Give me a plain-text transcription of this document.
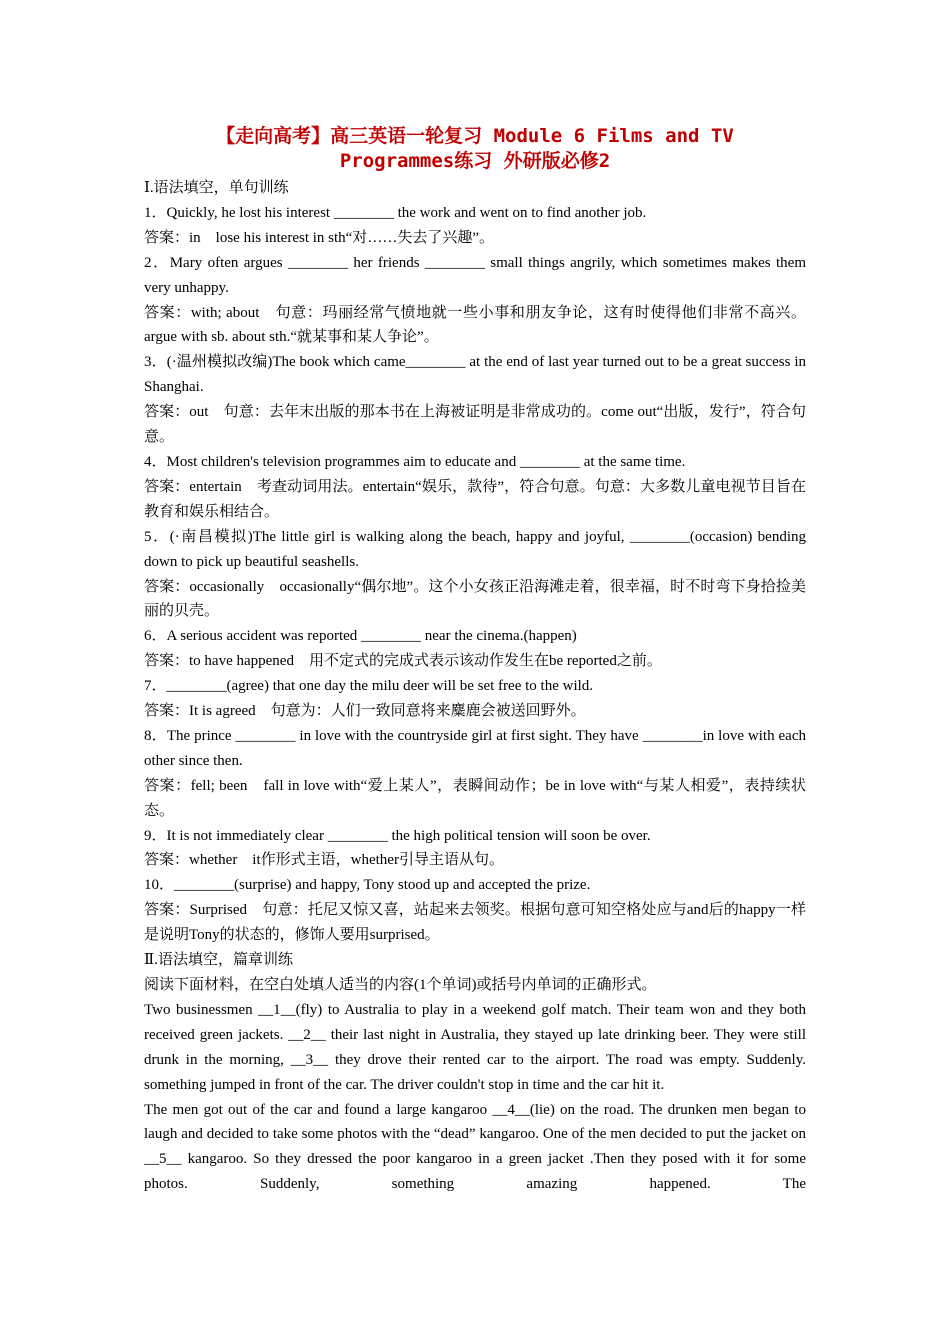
【走向高考】高三英语一轮复习 Module 6 Films and TV
Programmes练习 外研版必修2

Ⅰ.语法填空，单句训练

1．Quickly, he lost his interest ________ the work and went on to find another job.

答案：in　lose his interest in sth“对……失去了兴趣”。

2．Mary often argues ________ her friends ________ small things angrily, which sometimes makes them very unhappy.

答案：with; about　句意：玛丽经常气愤地就一些小事和朋友争论，这有时使得他们非常不高兴。argue with sb. about sth.“就某事和某人争论”。

3．(·温州模拟改编)The book which came________ at the end of last year turned out to be a great success in Shanghai.

答案：out　句意：去年末出版的那本书在上海被证明是非常成功的。come out“出版，发行”，符合句意。

4．Most children's television programmes aim to educate and ________ at the same time.

答案：entertain　考查动词用法。entertain“娱乐，款待”，符合句意。句意：大多数儿童电视节目旨在教育和娱乐相结合。

5．(·南昌模拟)The little girl is walking along the beach, happy and joyful, ________(occasion) bending down to pick up beautiful seashells.

答案：occasionally　occasionally“偶尔地”。这个小女孩正沿海滩走着，很幸福，时不时弯下身拾捡美丽的贝壳。

6．A serious accident was reported ________ near the cinema.(happen)

答案：to have happened　用不定式的完成式表示该动作发生在be reported之前。

7．________(agree) that one day the milu deer will be set free to the wild.

答案：It is agreed　句意为：人们一致同意将来麋鹿会被送回野外。

8．The prince ________ in love with the countryside girl at first sight. They have ________in love with each other since then.

答案：fell; been　fall in love with“爱上某人”，表瞬间动作；be in love with“与某人相爱”，表持续状态。

9．It is not immediately clear ________ the high political tension will soon be over.

答案：whether　it作形式主语，whether引导主语从句。

10．________(surprise) and happy, Tony stood up and accepted the prize.

答案：Surprised　句意：托尼又惊又喜，站起来去领奖。根据句意可知空格处应与and后的happy一样是说明Tony的状态的，修饰人要用surprised。

Ⅱ.语法填空，篇章训练

阅读下面材料，在空白处填人适当的内容(1个单词)或括号内单词的正确形式。

Two businessmen __1__(fly) to Australia to play in a weekend golf match. Their team won and they both received green jackets. __2__ their last night in Australia, they stayed up late drinking beer. They were still drunk in the morning, __3__ they drove their rented car to the airport. The road was empty. Suddenly. something jumped in front of the car. The driver couldn't stop in time and the car hit it.

The men got out of the car and found a large kangaroo __4__(lie) on the road. The drunken men began to laugh and decided to take some photos with the “dead” kangaroo. One of the men decided to put the jacket on __5__ kangaroo. So they dressed the poor kangaroo in a green jacket .Then they posed with it for some photos. Suddenly, something amazing happened. The
